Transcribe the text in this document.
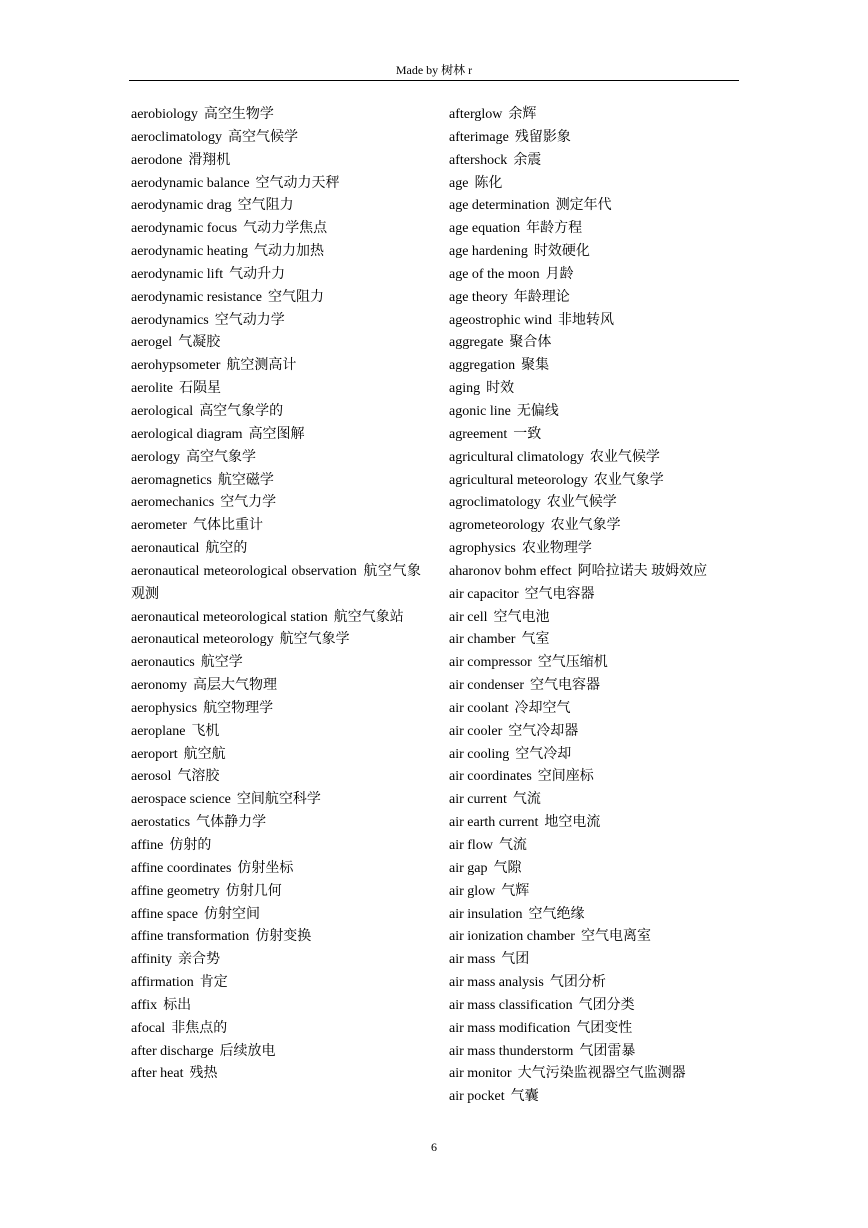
Made by 树林 r
aerobiology 高空生物学
aeroclimatology 高空气候学
aerodone 滑翔机
aerodynamic balance 空气动力天秤
aerodynamic drag 空气阻力
aerodynamic focus 气动力学焦点
aerodynamic heating 气动力加热
aerodynamic lift 气动升力
aerodynamic resistance 空气阻力
aerodynamics 空气动力学
aerogel 气凝胶
aerohypsometer 航空测高计
aerolite 石陨星
aerological 高空气象学的
aerological diagram 高空图解
aerology 高空气象学
aeromagnetics 航空磁学
aeromechanics 空气力学
aerometer 气体比重计
aeronautical 航空的
aeronautical meteorological observation 航空气象观测
aeronautical meteorological station 航空气象站
aeronautical meteorology 航空气象学
aeronautics 航空学
aeronomy 高层大气物理
aerophysics 航空物理学
aeroplane 飞机
aeroport 航空航
aerosol 气溶胶
aerospace science 空间航空科学
aerostatics 气体静力学
affine 仿射的
affine coordinates 仿射坐标
affine geometry 仿射几何
affine space 仿射空间
affine transformation 仿射变换
affinity 亲合势
affirmation 肯定
affix 标出
afocal 非焦点的
after discharge 后续放电
after heat 残热
afterglow 余辉
afterimage 残留影象
aftershock 余震
age 陈化
age determination 测定年代
age equation 年龄方程
age hardening 时效硬化
age of the moon 月龄
age theory 年龄理论
ageostrophic wind 非地转风
aggregate 聚合体
aggregation 聚集
aging 时效
agonic line 无偏线
agreement 一致
agricultural climatology 农业气候学
agricultural meteorology 农业气象学
agroclimatology 农业气候学
agrometeorology 农业气象学
agrophysics 农业物理学
aharonov bohm effect 阿哈拉诺夫 玻姆效应
air capacitor 空气电容器
air cell 空气电池
air chamber 气室
air compressor 空气压缩机
air condenser 空气电容器
air coolant 冷却空气
air cooler 空气冷却器
air cooling 空气冷却
air coordinates 空间座标
air current 气流
air earth current 地空电流
air flow 气流
air gap 气隙
air glow 气辉
air insulation 空气绝缘
air ionization chamber 空气电离室
air mass 气团
air mass analysis 气团分析
air mass classification 气团分类
air mass modification 气团变性
air mass thunderstorm 气团雷暴
air monitor 大气污染监视器空气监测器
air pocket 气囊
6
